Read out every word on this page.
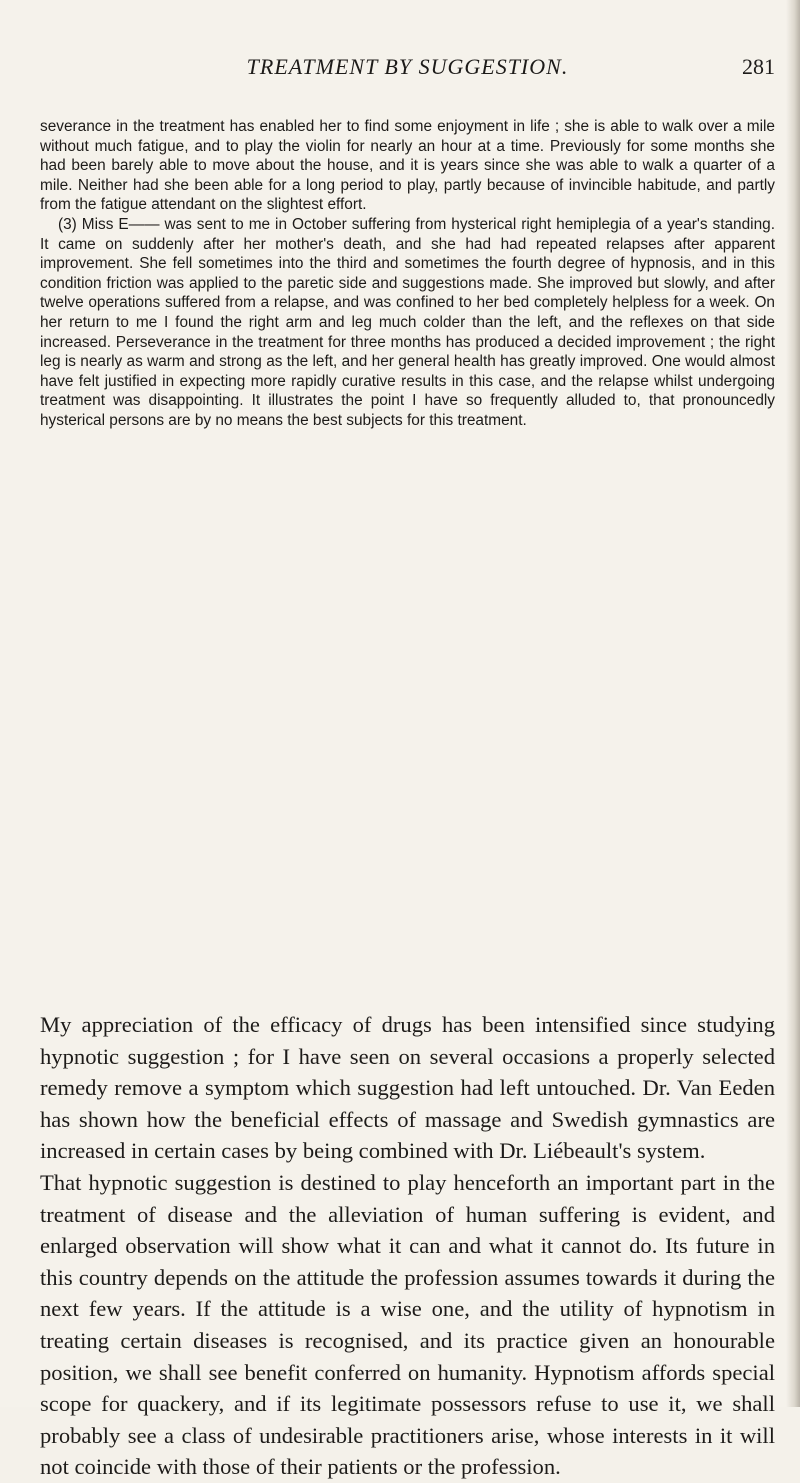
TREATMENT BY SUGGESTION.	281

severance in the treatment has enabled her to find some enjoyment in life ; she is able to walk over a mile without much fatigue, and to play the violin for nearly an hour at a time. Previously for some months she had been barely able to move about the house, and it is years since she was able to walk a quarter of a mile. Neither had she been able for a long period to play, partly because of invincible habitude, and partly from the fatigue attendant on the slightest effort.

(3) Miss E—— was sent to me in October suffering from hysterical right hemiplegia of a year's standing. It came on suddenly after her mother's death, and she had had repeated relapses after apparent improvement. She fell sometimes into the third and sometimes the fourth degree of hypnosis, and in this condition friction was applied to the paretic side and suggestions made. She improved but slowly, and after twelve operations suffered from a relapse, and was confined to her bed completely helpless for a week. On her return to me I found the right arm and leg much colder than the left, and the reflexes on that side increased. Perseverance in the treatment for three months has produced a decided improvement ; the right leg is nearly as warm and strong as the left, and her general health has greatly improved. One would almost have felt justified in expecting more rapidly curative results in this case, and the relapse whilst undergoing treatment was disappointing. It illustrates the point I have so frequently alluded to, that pronouncedly hysterical persons are by no means the best subjects for this treatment.

My appreciation of the efficacy of drugs has been intensified since studying hypnotic suggestion ; for I have seen on several occasions a properly selected remedy remove a symptom which suggestion had left untouched. Dr. Van Eeden has shown how the beneficial effects of massage and Swedish gymnastics are increased in certain cases by being combined with Dr. Liébeault's system.

That hypnotic suggestion is destined to play henceforth an important part in the treatment of disease and the alleviation of human suffering is evident, and enlarged observation will show what it can and what it cannot do. Its future in this country depends on the attitude the profession assumes towards it during the next few years. If the attitude is a wise one, and the utility of hypnotism in treating certain diseases is recognised, and its practice given an honourable position, we shall see benefit conferred on humanity. Hypnotism affords special scope for quackery, and if its legitimate possessors refuse to use it, we shall probably see a class of undesirable practitioners arise, whose interests in it will not coincide with those of their patients or the profession.
